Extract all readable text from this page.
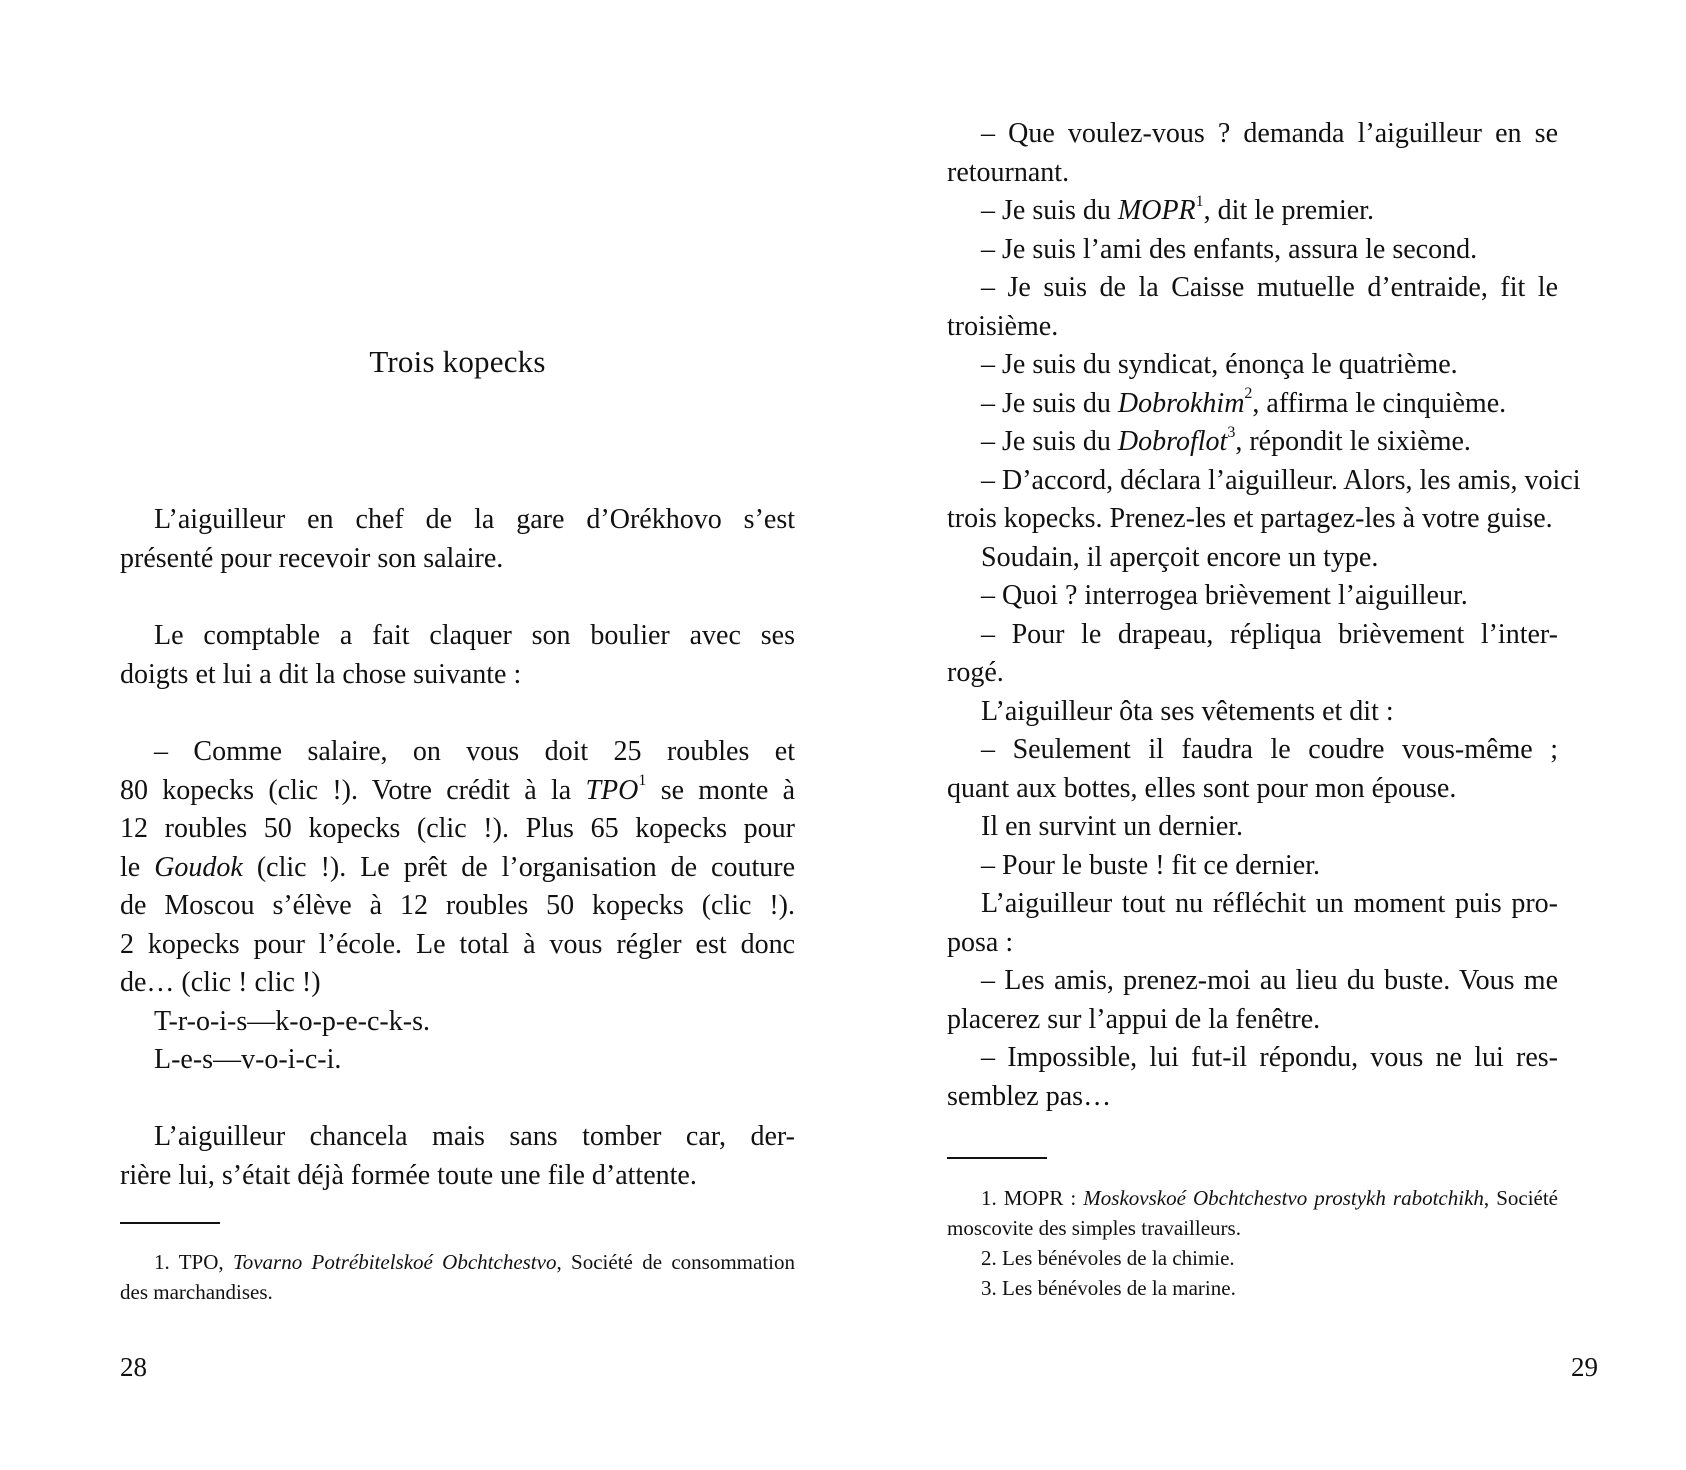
Trois kopecks
L’aiguilleur en chef de la gare d’Orékhovo s’est
présenté pour recevoir son salaire.
Le comptable a fait claquer son boulier avec ses
doigts et lui a dit la chose suivante :
– Comme salaire, on vous doit 25 roubles et
80 kopecks (clic !). Votre crédit à la TPO$^1$ se monte à
12 roubles 50 kopecks (clic !). Plus 65 kopecks pour
le Goudok (clic !). Le prêt de l’organisation de couture
de Moscou s’élève à 12 roubles 50 kopecks (clic !).
2 kopecks pour l’école. Le total à vous régler est donc
de… (clic ! clic !)
T-r-o-i-s—k-o-p-e-c-k-s.
L-e-s—v-o-i-c-i.
L’aiguilleur chancela mais sans tomber car, der-
rière lui, s’était déjà formée toute une file d’attente.
1. TPO, Tovarno Potrébitelskoé Obchtchestvo, Société de consommation des marchandises.
28
– Que voulez-vous ? demanda l’aiguilleur en se
retournant.
– Je suis du MOPR$^1$, dit le premier.
– Je suis l’ami des enfants, assura le second.
– Je suis de la Caisse mutuelle d’entraide, fit le
troisième.
– Je suis du syndicat, énonça le quatrième.
– Je suis du Dobrokhim$^2$, affirma le cinquième.
– Je suis du Dobroflot$^3$, répondit le sixième.
– D’accord, déclara l’aiguilleur. Alors, les amis, voici
trois kopecks. Prenez-les et partagez-les à votre guise.
Soudain, il aperçoit encore un type.
– Quoi ? interrogea brièvement l’aiguilleur.
– Pour le drapeau, répliqua brièvement l’inter-
rogé.
L’aiguilleur ôta ses vêtements et dit :
– Seulement il faudra le coudre vous-même ;
quant aux bottes, elles sont pour mon épouse.
Il en survint un dernier.
– Pour le buste ! fit ce dernier.
L’aiguilleur tout nu réfléchit un moment puis pro-
posa :
– Les amis, prenez-moi au lieu du buste. Vous me
placerez sur l’appui de la fenêtre.
– Impossible, lui fut-il répondu, vous ne lui res-
semblez pas…
1. MOPR : Moskovskoé Obchtchestvo prostykh rabotchikh, Société moscovite des simples travailleurs.
2. Les bénévoles de la chimie.
3. Les bénévoles de la marine.
29
